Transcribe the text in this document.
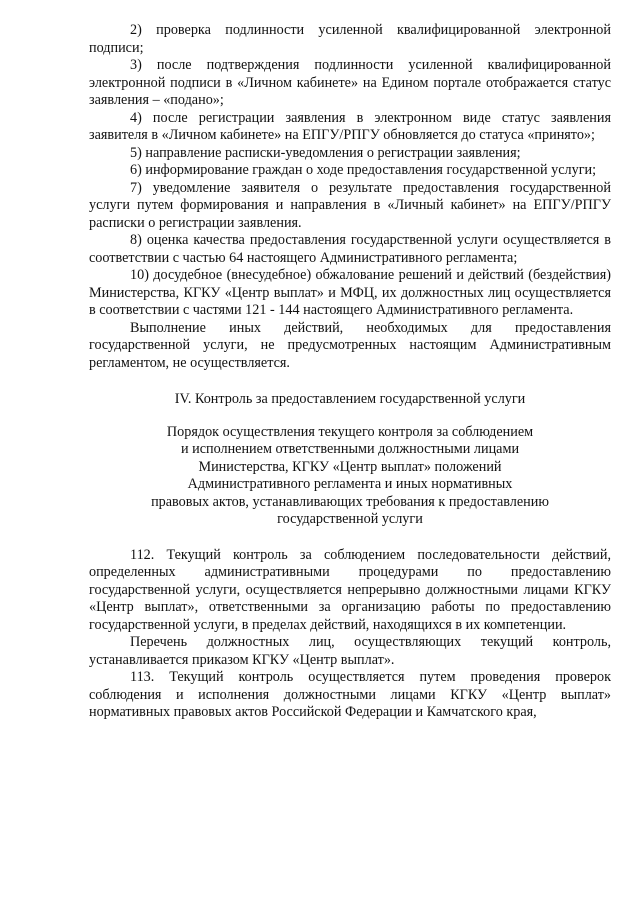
2) проверка подлинности усиленной квалифицированной электронной подписи;

3) после подтверждения подлинности усиленной квалифицированной электронной подписи в «Личном кабинете» на Едином портале отображается статус заявления – «подано»;

4) после регистрации заявления в электронном виде статус заявления заявителя в «Личном кабинете» на ЕПГУ/РПГУ обновляется до статуса «принято»;

5) направление расписки-уведомления о регистрации заявления;

6) информирование граждан о ходе предоставления государственной услуги;

7) уведомление заявителя о результате предоставления государственной услуги путем формирования и направления в «Личный кабинет» на ЕПГУ/РПГУ расписки о регистрации заявления.

8) оценка качества предоставления государственной услуги осуществляется в соответствии с частью 64 настоящего Административного регламента;

10) досудебное (внесудебное) обжалование решений и действий (бездействия) Министерства, КГКУ «Центр выплат» и МФЦ, их должностных лиц осуществляется в соответствии с частями 121 - 144 настоящего Административного регламента.

Выполнение иных действий, необходимых для предоставления государственной услуги, не предусмотренных настоящим Административным регламентом, не осуществляется.

IV. Контроль за предоставлением государственной услуги

Порядок осуществления текущего контроля за соблюдением
и исполнением ответственными должностными лицами
Министерства, КГКУ «Центр выплат» положений
Административного регламента и иных нормативных
правовых актов, устанавливающих требования к предоставлению
государственной услуги

112. Текущий контроль за соблюдением последовательности действий, определенных административными процедурами по предоставлению государственной услуги, осуществляется непрерывно должностными лицами КГКУ «Центр выплат», ответственными за организацию работы по предоставлению государственной услуги, в пределах действий, находящихся в их компетенции.

Перечень должностных лиц, осуществляющих текущий контроль, устанавливается приказом КГКУ «Центр выплат».

113. Текущий контроль осуществляется путем проведения проверок соблюдения и исполнения должностными лицами КГКУ «Центр выплат» нормативных правовых актов Российской Федерации и Камчатского края,
